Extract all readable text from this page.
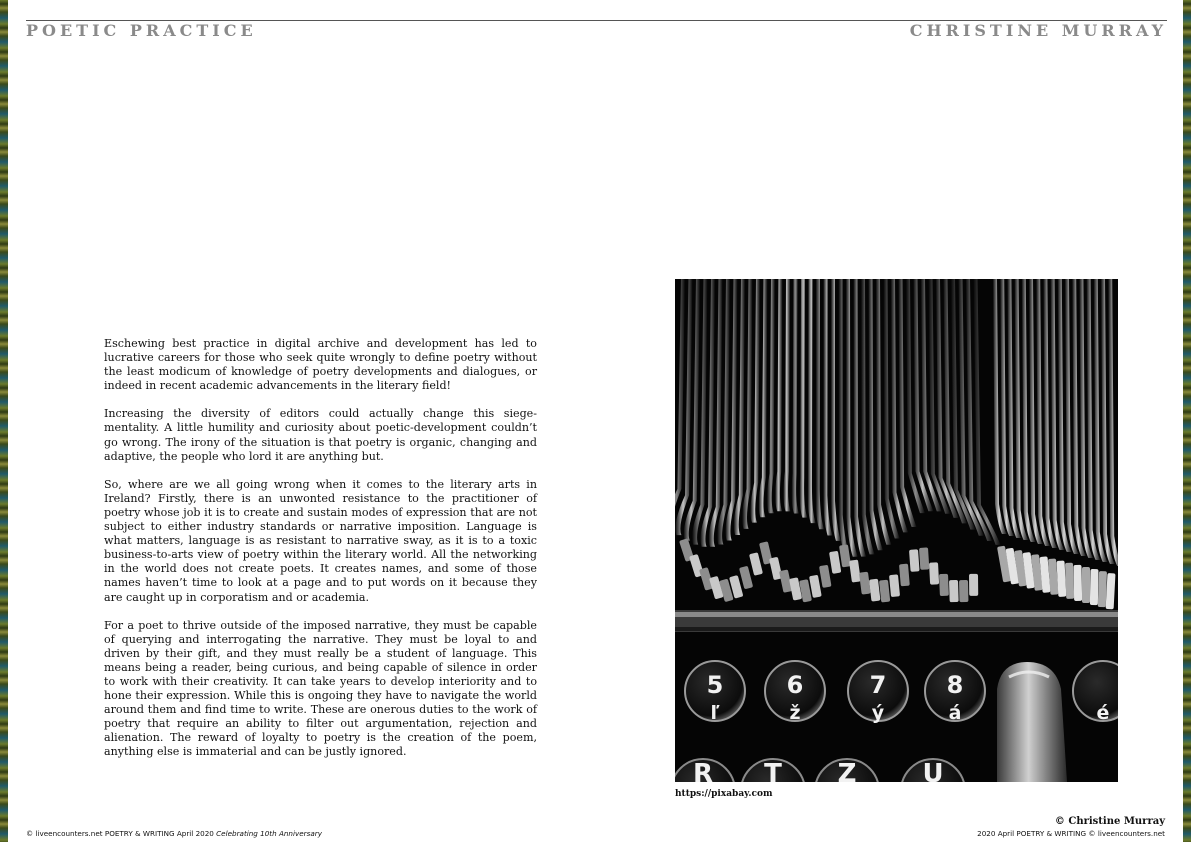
POETIC PRACTICE	CHRISTINE MURRAY

Eschewing best practice in digital archive and development has led to lucrative careers for those who seek quite wrongly to define poetry without the least modicum of knowledge of poetry developments and dialogues, or indeed in recent academic advancements in the literary field!

Increasing the diversity of editors could actually change this siege-mentality. A little humility and curiosity about poetic-development couldn’t go wrong. The irony of the situation is that poetry is organic, changing and adaptive, the people who lord it are anything but.

So, where are we all going wrong when it comes to the literary arts in Ireland? Firstly, there is an unwonted resistance to the practitioner of poetry whose job it is to create and sustain modes of expression that are not subject to either industry standards or narrative imposition. Language is what matters, language is as resistant to narrative sway, as it is to a toxic business-to-arts view of poetry within the literary world. All the networking in the world does not create poets. It creates names, and some of those names haven’t time to look at a page and to put words on it because they are caught up in corporatism and or academia.

For a poet to thrive outside of the imposed narrative, they must be capable of querying and interrogating the narrative. They must be loyal to and driven by their gift, and they must really be a student of language. This means being a reader, being curious, and being capable of silence in order to work with their creativity. It can take years to develop interiority and to hone their expression. While this is ongoing they have to navigate the world around them and find time to write. These are onerous duties to the work of poetry that require an ability to filter out argumentation, rejection and alienation. The reward of loyalty to poetry is the creation of the poem, anything else is immaterial and can be justly ignored.

5
ľ
6
ž
7
ý
8
á	é
R T Z	U
https://pixabay.com
© Christine Murray
© liveencounters.net POETRY & WRITING April 2020 Celebrating 10th Anniversary	2020 April POETRY & WRITING © liveencounters.net
